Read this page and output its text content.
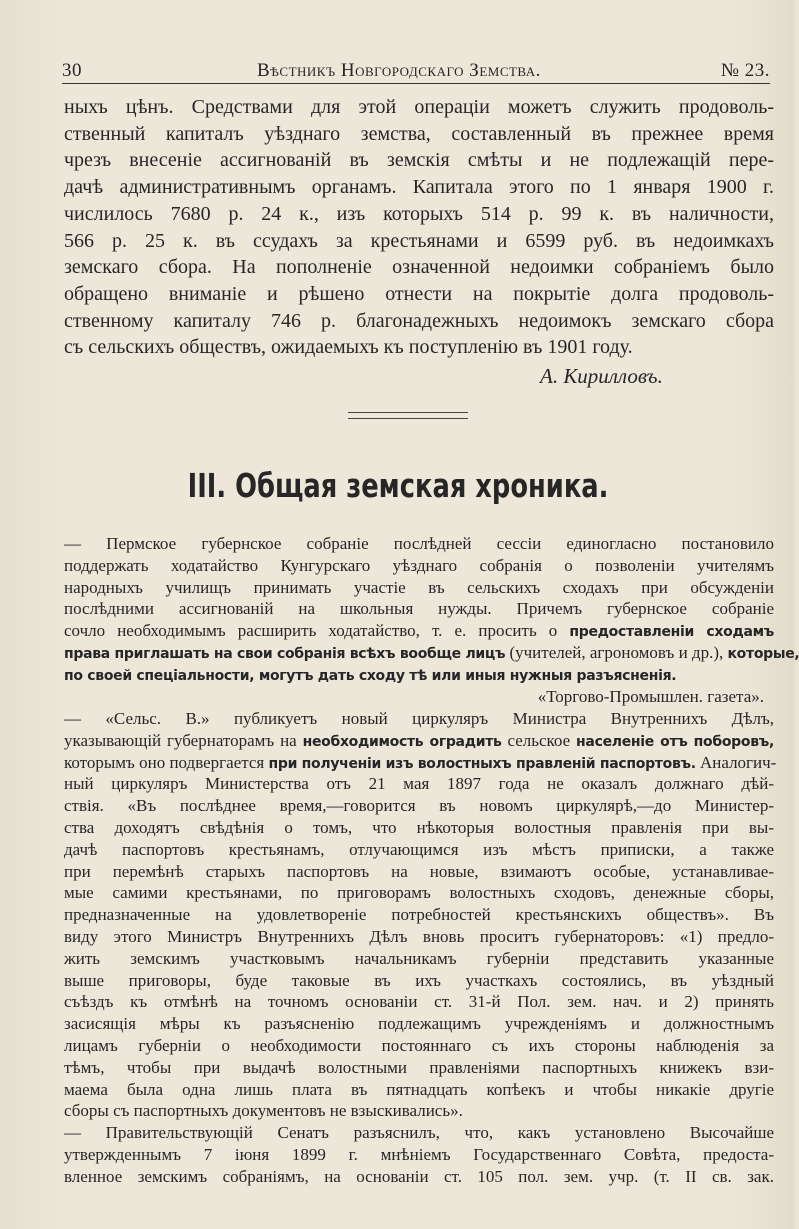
30	Вѣстникъ Новгородскаго Земства.	№ 23.
ныхъ цѣнъ. Средствами для этой операціи можетъ служить продоволь-
ственный капиталъ уѣзднаго земства, составленный въ прежнее время
чрезъ внесеніе ассигнованій въ земскія смѣты и не подлежащій пере-
дачѣ административнымъ органамъ. Капитала этого по 1 января 1900 г.
числилось 7680 р. 24 к., изъ которыхъ 514 р. 99 к. въ наличности,
566 р. 25 к. въ ссудахъ за крестьянами и 6599 руб. въ недоимкахъ
земскаго сбора. На пополненіе означенной недоимки собраніемъ было
обращено вниманіе и рѣшено отнести на покрытіе долга продоволь-
ственному капиталу 746 р. благонадежныхъ недоимокъ земскаго сбора
съ сельскихъ обществъ, ожидаемыхъ къ поступленію въ 1901 году.
А. Кирилловъ.
III. Общая земская хроника.
— Пермское губернское собраніе послѣдней сессіи единогласно постановило
поддержать ходатайство Кунгурскаго уѣзднаго собранія о позволеніи учителямъ
народныхъ училищъ принимать участіе въ сельскихъ сходахъ при обсужденіи
послѣдними ассигнованій на школьныя нужды. Причемъ губернское собраніе
сочло необходимымъ расширить ходатайство, т. е. просить о предоставленіи сходамъ
права приглашать на свои собранія всѣхъ вообще лицъ (учителей, агрономовъ и др.), которые,
по своей спеціальности, могутъ дать сходу тѣ или иныя нужныя разъясненія.
«Торгово-Промышлен. газета».
— «Сельс. В.» публикуетъ новый циркуляръ Министра Внутреннихъ Дѣлъ,
указывающій губернаторамъ на необходимость оградить сельское населеніе отъ поборовъ,
которымъ оно подвергается при полученіи изъ волостныхъ правленій паспортовъ. Аналогич-
ный циркуляръ Министерства отъ 21 мая 1897 года не оказалъ должнаго дѣй-
ствія. «Въ послѣднее время,—говорится въ новомъ циркулярѣ,—до Министер-
ства доходятъ свѣдѣнія о томъ, что нѣкоторыя волостныя правленія при вы-
дачѣ паспортовъ крестьянамъ, отлучающимся изъ мѣстъ приписки, а также
при перемѣнѣ старыхъ паспортовъ на новые, взимаютъ особые, устанавливае-
мые самими крестьянами, по приговорамъ волостныхъ сходовъ, денежные сборы,
предназначенные на удовлетвореніе потребностей крестьянскихъ обществъ». Въ
виду этого Министръ Внутреннихъ Дѣлъ вновь проситъ губернаторовъ: «1) предло-
жить земскимъ участковымъ начальникамъ губерніи представить указанные
выше приговоры, буде таковые въ ихъ участкахъ состоялись, въ уѣздный
съѣздъ къ отмѣнѣ на точномъ основаніи ст. 31-й Пол. зем. нач. и 2) принять
засисящія мѣры къ разъясненію подлежащимъ учрежденіямъ и должностнымъ
лицамъ губерніи о необходимости постояннаго съ ихъ стороны наблюденія за
тѣмъ, чтобы при выдачѣ волостными правленіями паспортныхъ книжекъ взи-
маема была одна лишь плата въ пятнадцать копѣекъ и чтобы никакіе другіе
сборы съ паспортныхъ документовъ не взыскивались».
— Правительствующій Сенатъ разъяснилъ, что, какъ установлено Высочайше
утвержденнымъ 7 іюня 1899 г. мнѣніемъ Государственнаго Совѣта, предоста-
вленное земскимъ собраніямъ, на основаніи ст. 105 пол. зем. учр. (т. II св. зак.
